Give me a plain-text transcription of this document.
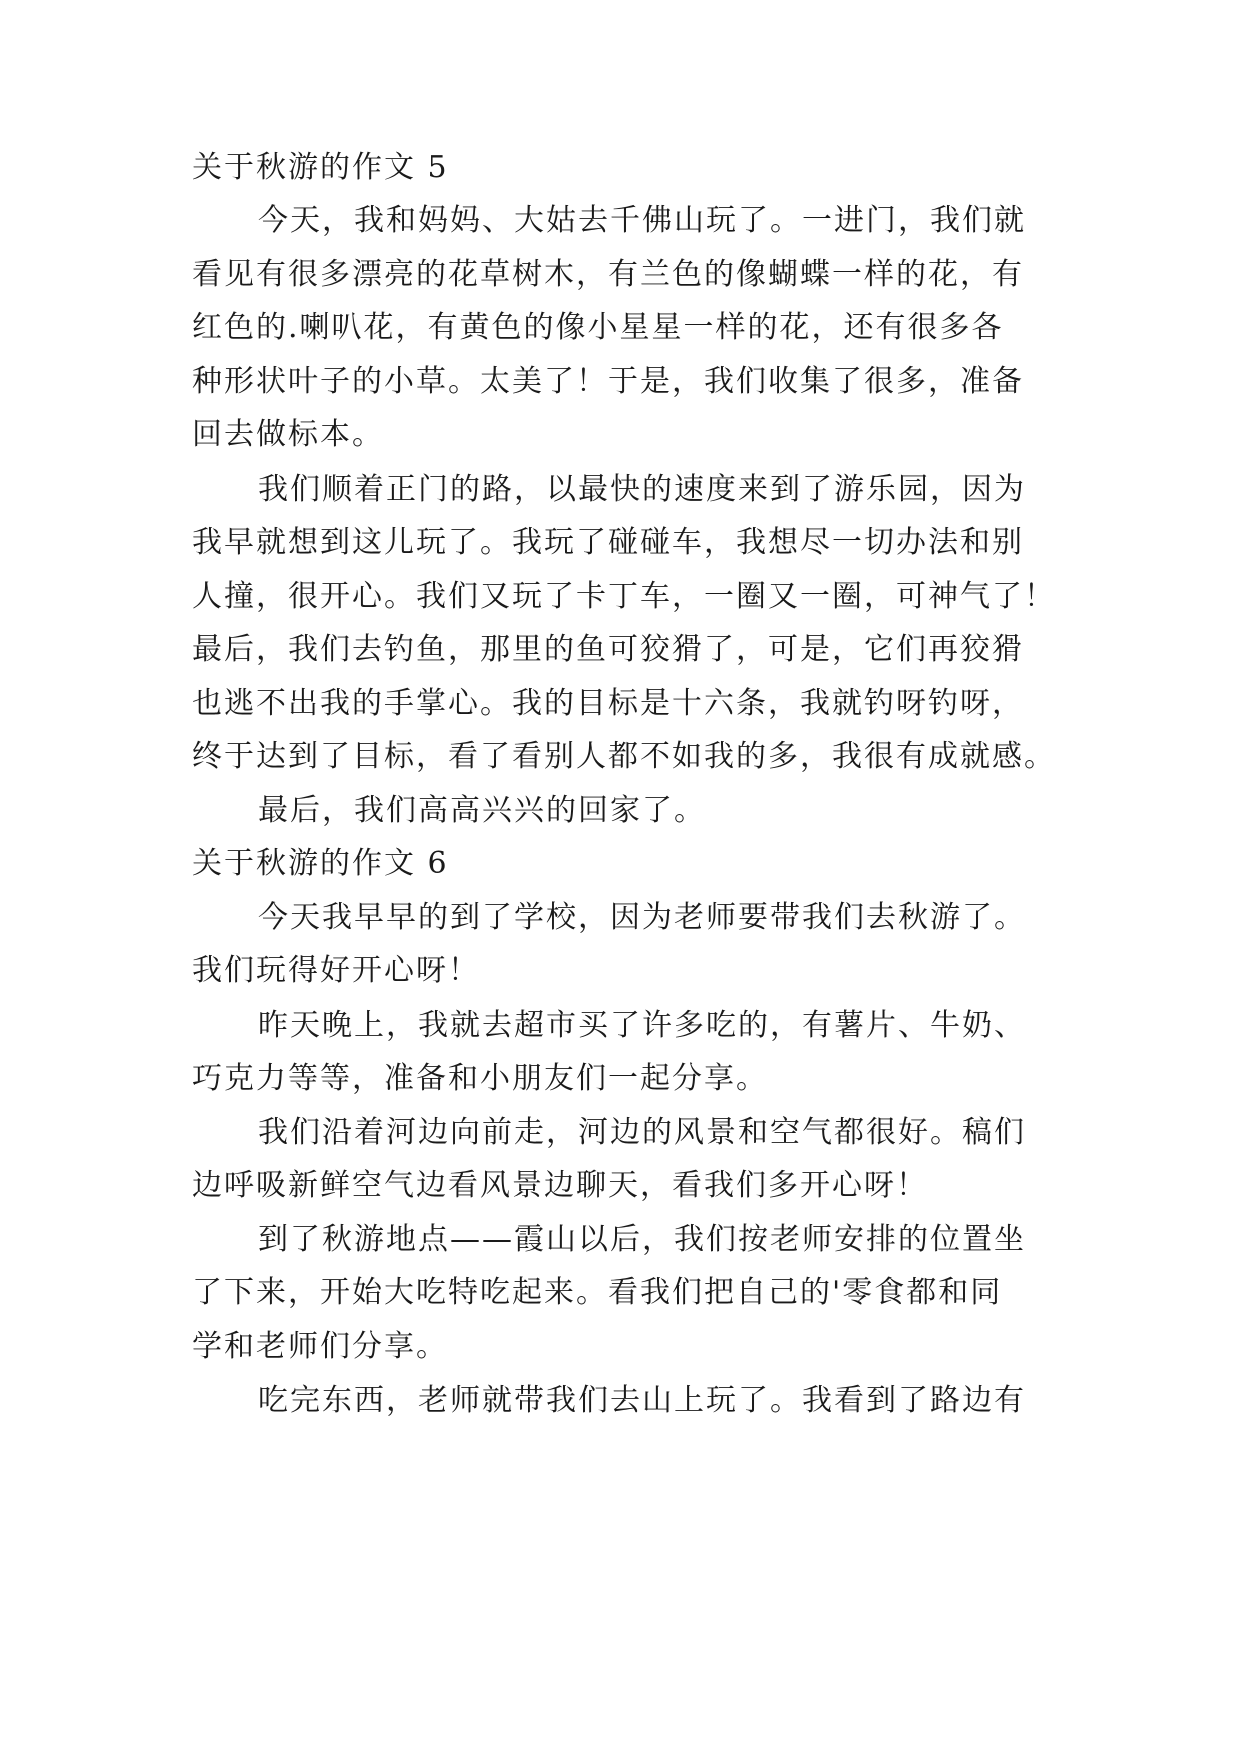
关于秋游的作文 5

今天，我和妈妈、大姑去千佛山玩了。一进门，我们就

看见有很多漂亮的花草树木，有兰色的像蝴蝶一样的花，有

红色的.喇叭花，有黄色的像小星星一样的花，还有很多各

种形状叶子的小草。太美了！于是，我们收集了很多，准备

回去做标本。

我们顺着正门的路，以最快的速度来到了游乐园，因为

我早就想到这儿玩了。我玩了碰碰车，我想尽一切办法和别

人撞，很开心。我们又玩了卡丁车，一圈又一圈，可神气了！

最后，我们去钓鱼，那里的鱼可狡猾了，可是，它们再狡猾

也逃不出我的手掌心。我的目标是十六条，我就钓呀钓呀，

终于达到了目标，看了看别人都不如我的多，我很有成就感。

最后，我们高高兴兴的回家了。

关于秋游的作文 6

今天我早早的到了学校，因为老师要带我们去秋游了。

我们玩得好开心呀！

昨天晚上，我就去超市买了许多吃的，有薯片、牛奶、

巧克力等等，准备和小朋友们一起分享。

我们沿着河边向前走，河边的风景和空气都很好。稿们

边呼吸新鲜空气边看风景边聊天，看我们多开心呀！

到了秋游地点——霞山以后，我们按老师安排的位置坐

了下来，开始大吃特吃起来。看我们把自己的'零食都和同

学和老师们分享。

吃完东西，老师就带我们去山上玩了。我看到了路边有
